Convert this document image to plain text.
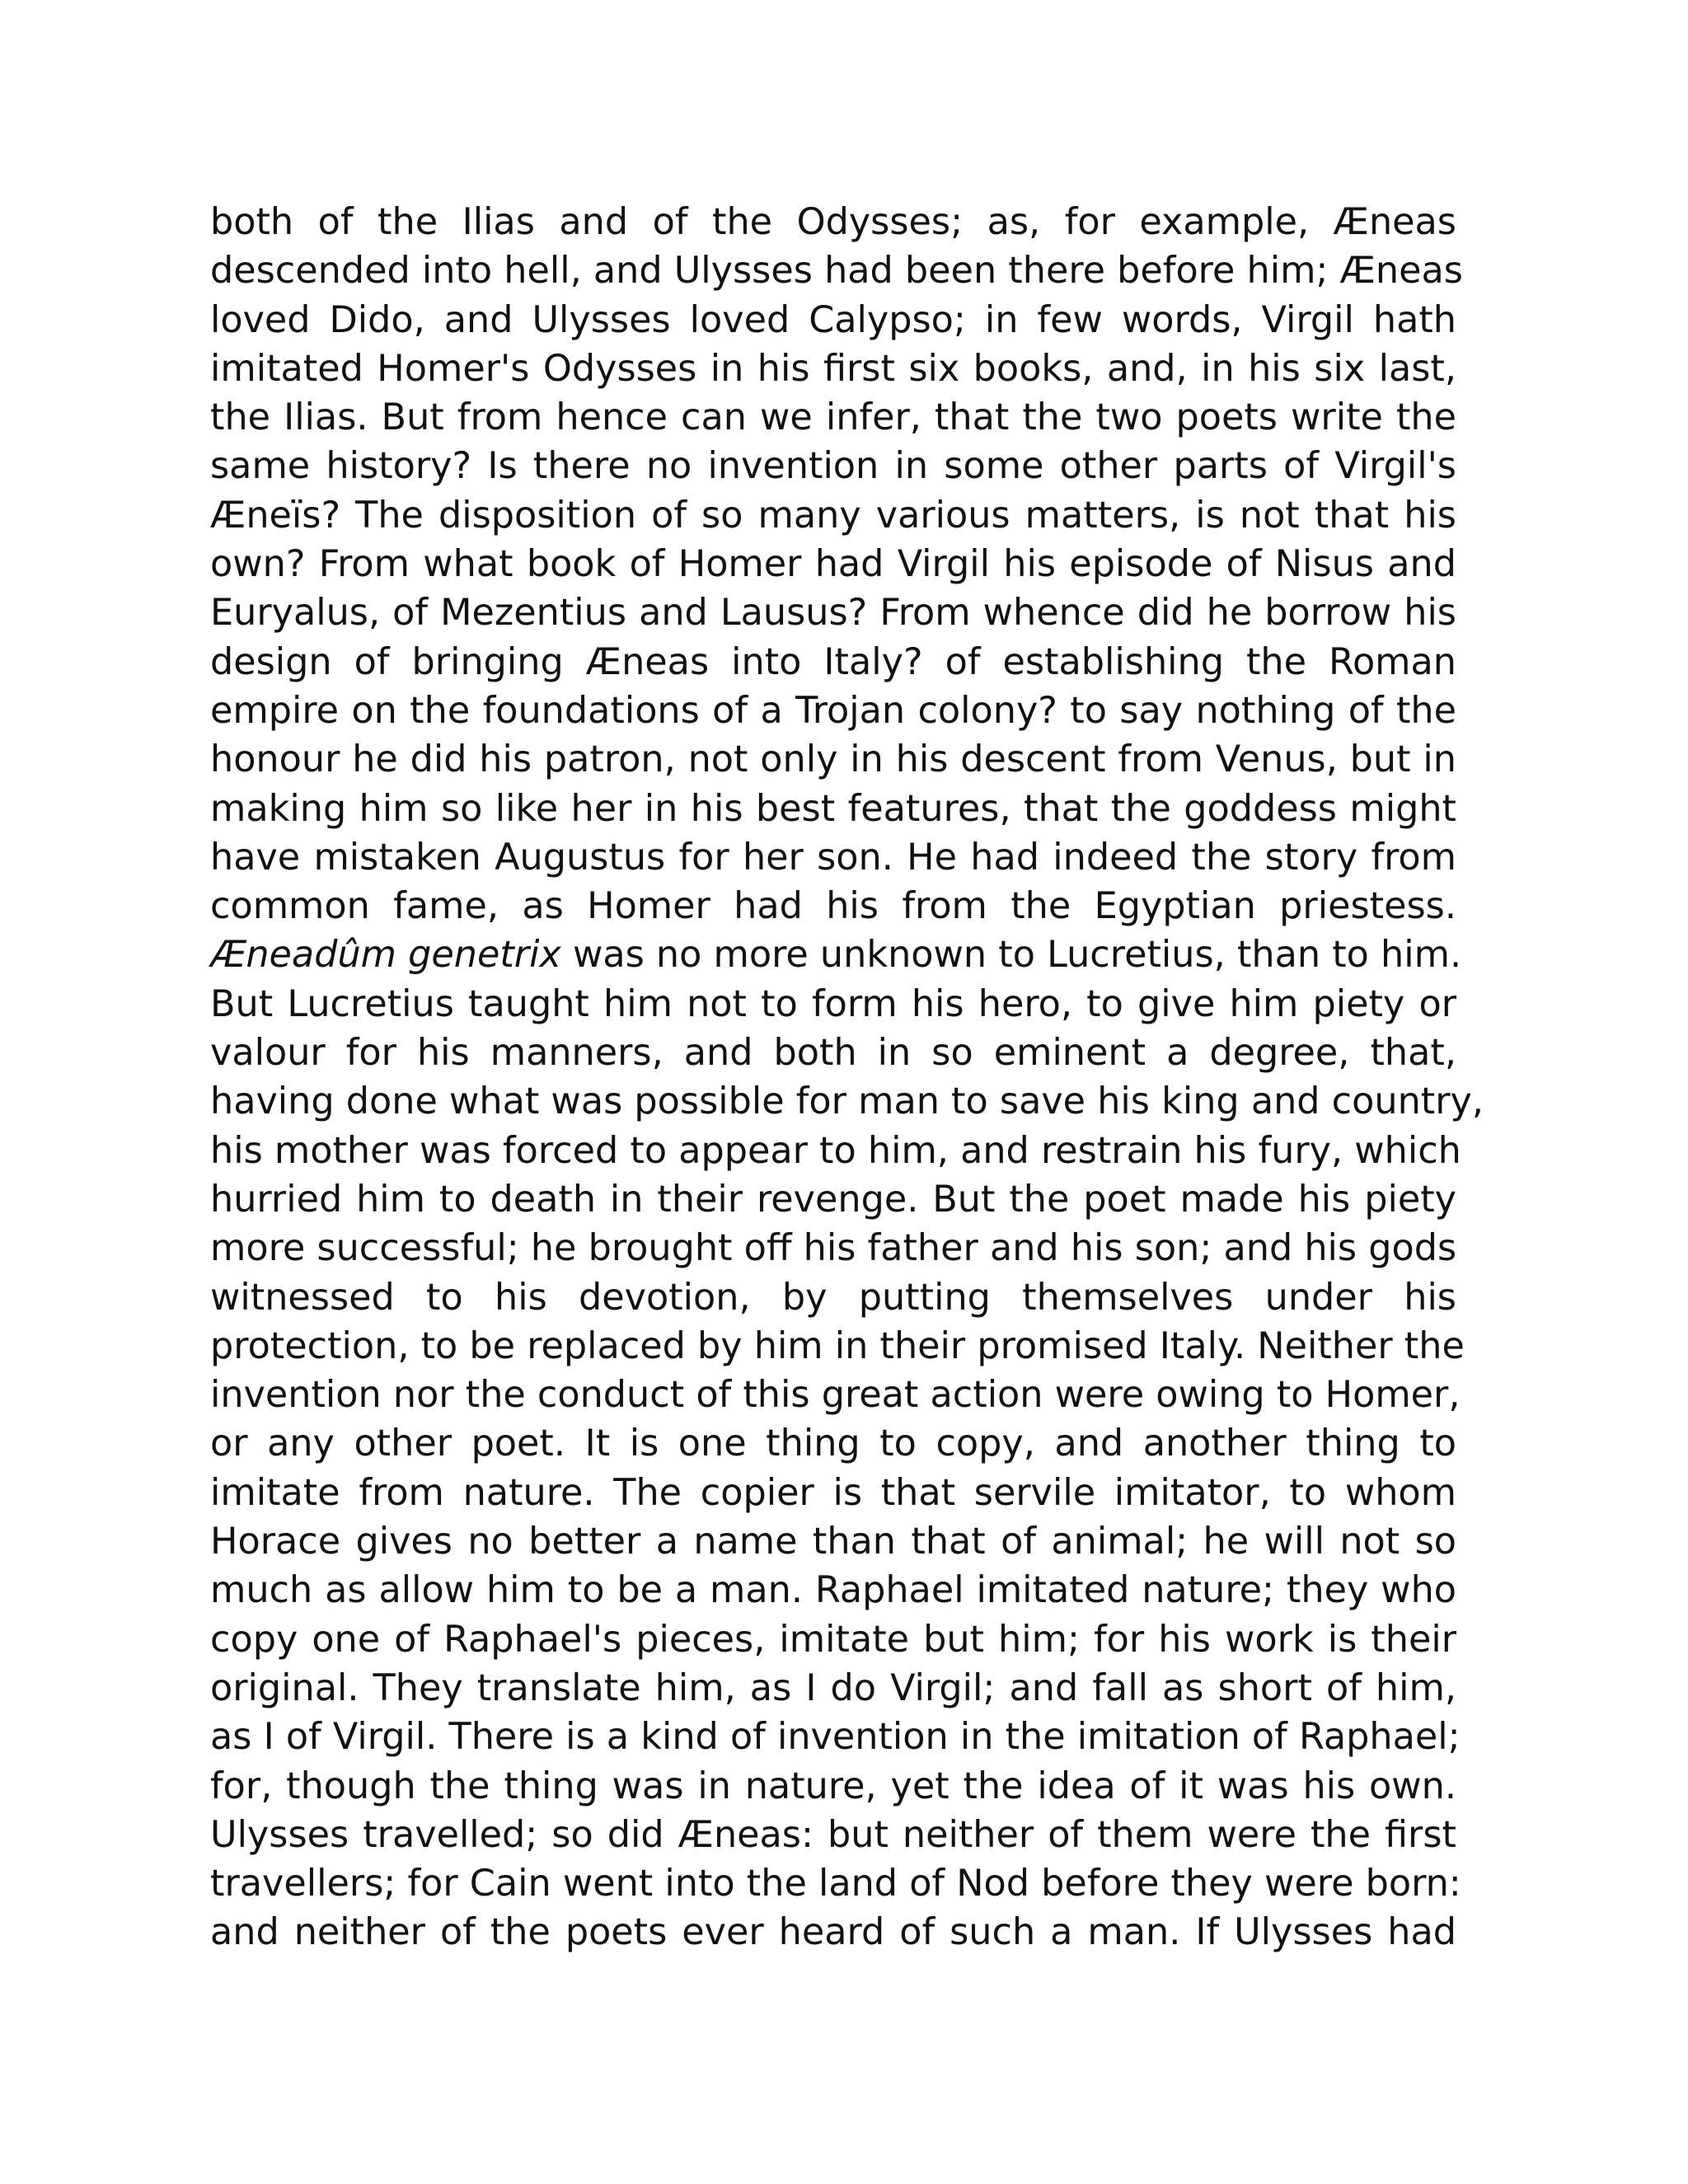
both of the Ilias and of the Odysses; as, for example, Æneas
descended into hell, and Ulysses had been there before him; Æneas
loved Dido, and Ulysses loved Calypso; in few words, Virgil hath
imitated Homer's Odysses in his first six books, and, in his six last,
the Ilias. But from hence can we infer, that the two poets write the
same history? Is there no invention in some other parts of Virgil's
Æneïs? The disposition of so many various matters, is not that his
own? From what book of Homer had Virgil his episode of Nisus and
Euryalus, of Mezentius and Lausus? From whence did he borrow his
design of bringing Æneas into Italy? of establishing the Roman
empire on the foundations of a Trojan colony? to say nothing of the
honour he did his patron, not only in his descent from Venus, but in
making him so like her in his best features, that the goddess might
have mistaken Augustus for her son. He had indeed the story from
common fame, as Homer had his from the Egyptian priestess.
Æneadûm genetrix was no more unknown to Lucretius, than to him.
But Lucretius taught him not to form his hero, to give him piety or
valour for his manners, and both in so eminent a degree, that,
having done what was possible for man to save his king and country,
his mother was forced to appear to him, and restrain his fury, which
hurried him to death in their revenge. But the poet made his piety
more successful; he brought off his father and his son; and his gods
witnessed to his devotion, by putting themselves under his
protection, to be replaced by him in their promised Italy. Neither the
invention nor the conduct of this great action were owing to Homer,
or any other poet. It is one thing to copy, and another thing to
imitate from nature. The copier is that servile imitator, to whom
Horace gives no better a name than that of animal; he will not so
much as allow him to be a man. Raphael imitated nature; they who
copy one of Raphael's pieces, imitate but him; for his work is their
original. They translate him, as I do Virgil; and fall as short of him,
as I of Virgil. There is a kind of invention in the imitation of Raphael;
for, though the thing was in nature, yet the idea of it was his own.
Ulysses travelled; so did Æneas: but neither of them were the first
travellers; for Cain went into the land of Nod before they were born:
and neither of the poets ever heard of such a man. If Ulysses had
